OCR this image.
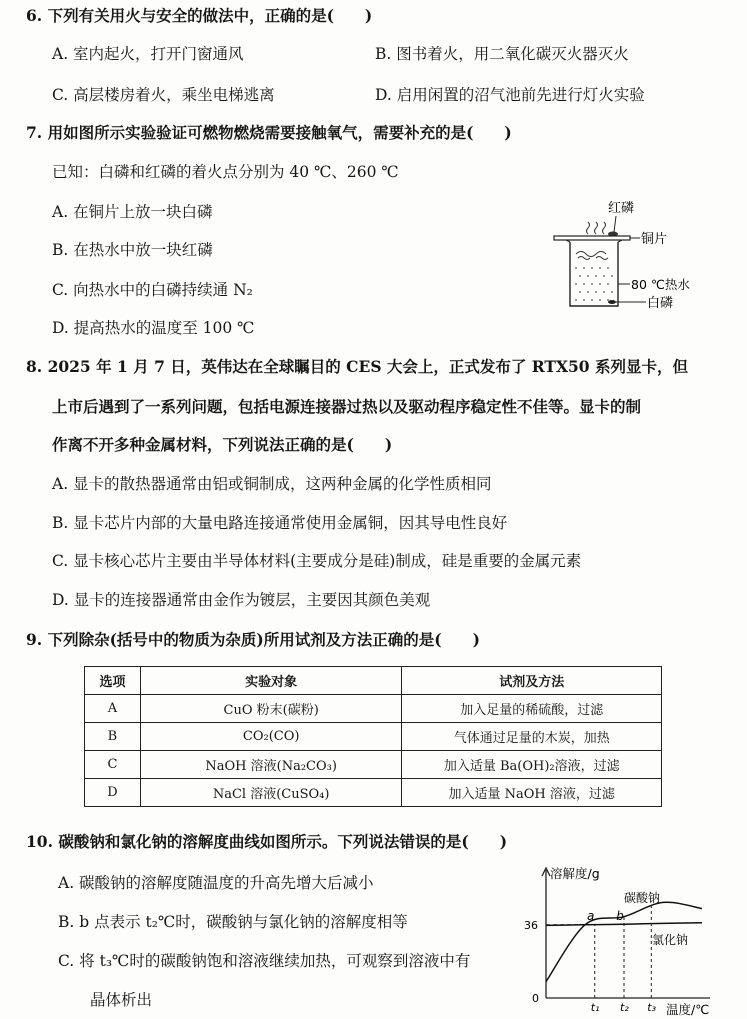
6. 下列有关用火与安全的做法中，正确的是(　　)
A. 室内起火，打开门窗通风	B. 图书着火，用二氧化碳灭火器灭火
C. 高层楼房着火，乘坐电梯逃离	D. 启用闲置的沼气池前先进行灯火实验
7. 用如图所示实验验证可燃物燃烧需要接触氧气，需要补充的是(　　)
已知：白磷和红磷的着火点分别为 40 ℃、260 ℃
A. 在铜片上放一块白磷
B. 在热水中放一块红磷
C. 向热水中的白磷持续通 N₂
D. 提高热水的温度至 100 ℃
红磷
铜片
80 ℃热水
白磷
8. 2025 年 1 月 7 日，英伟达在全球瞩目的 CES 大会上，正式发布了 RTX50 系列显卡，但
上市后遇到了一系列问题，包括电源连接器过热以及驱动程序稳定性不佳等。显卡的制
作离不开多种金属材料，下列说法正确的是(　　)
A. 显卡的散热器通常由铝或铜制成，这两种金属的化学性质相同
B. 显卡芯片内部的大量电路连接通常使用金属铜，因其导电性良好
C. 显卡核心芯片主要由半导体材料(主要成分是硅)制成，硅是重要的金属元素
D. 显卡的连接器通常由金作为镀层，主要因其颜色美观
9. 下列除杂(括号中的物质为杂质)所用试剂及方法正确的是(　　)
选项	实验对象	试剂及方法
A	CuO 粉末(碳粉)	加入足量的稀硫酸，过滤
B	CO₂(CO)	气体通过足量的木炭，加热
C	NaOH 溶液(Na₂CO₃)	加入适量 Ba(OH)₂溶液，过滤
D	NaCl 溶液(CuSO₄)	加入适量 NaOH 溶液，过滤
10. 碳酸钠和氯化钠的溶解度曲线如图所示。下列说法错误的是(　　)
A. 碳酸钠的溶解度随温度的升高先增大后减小
B. b 点表示 t₂℃时，碳酸钠与氯化钠的溶解度相等
C. 将 t₃℃时的碳酸钠饱和溶液继续加热，可观察到溶液中有
晶体析出
溶解度/g
温度/℃
0
36
碳酸钠
氯化钠
t₁ t₂ t₃
a b
